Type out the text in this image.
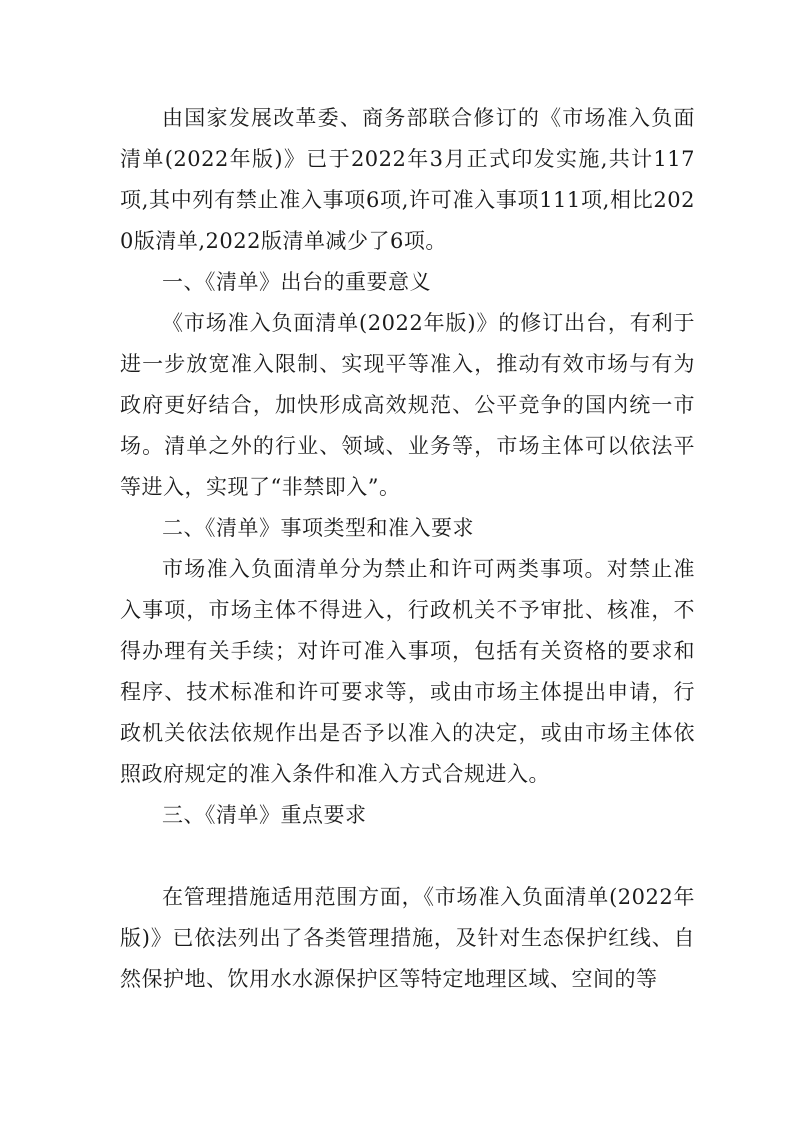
由国家发展改革委、商务部联合修订的《市场准入负面清单(2022年版)》已于2022年3月正式印发实施,共计117项,其中列有禁止准入事项6项,许可准入事项111项,相比2020版清单,2022版清单减少了6项。

一、《清单》出台的重要意义

《市场准入负面清单(2022年版)》的修订出台，有利于进一步放宽准入限制、实现平等准入，推动有效市场与有为政府更好结合，加快形成高效规范、公平竞争的国内统一市场。清单之外的行业、领域、业务等，市场主体可以依法平等进入，实现了“非禁即入”。

二、《清单》事项类型和准入要求

市场准入负面清单分为禁止和许可两类事项。对禁止准入事项，市场主体不得进入，行政机关不予审批、核准，不得办理有关手续；对许可准入事项，包括有关资格的要求和程序、技术标准和许可要求等，或由市场主体提出申请，行政机关依法依规作出是否予以准入的决定，或由市场主体依照政府规定的准入条件和准入方式合规进入。

三、《清单》重点要求

在管理措施适用范围方面，《市场准入负面清单(2022年版)》已依法列出了各类管理措施，及针对生态保护红线、自然保护地、饮用水水源保护区等特定地理区域、空间的等
